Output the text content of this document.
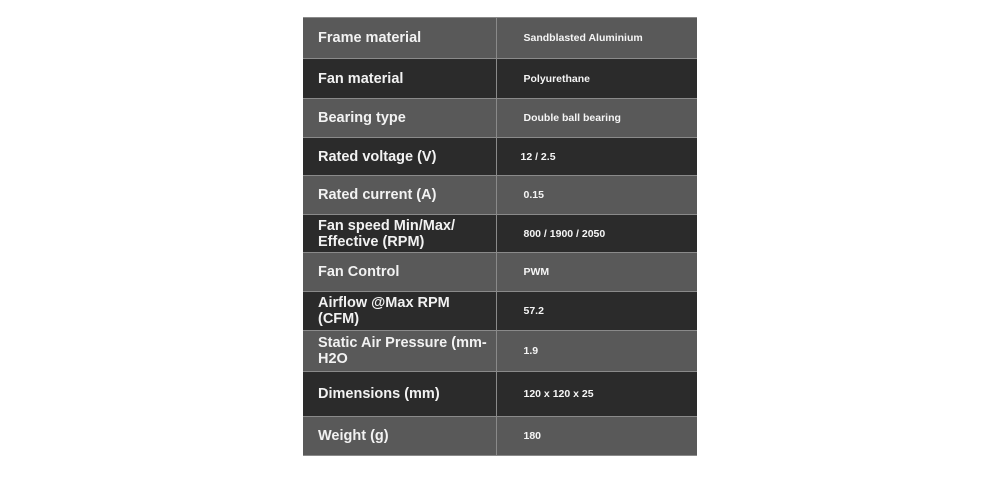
Frame material	Sandblasted Aluminium
Fan material	Polyurethane
Bearing type	Double ball bearing
Rated voltage (V)	12 / 2.5
Rated current (A)	0.15
Fan speed Min/Max/ Effective (RPM)	800 / 1900 / 2050
Fan Control	PWM
Airflow @Max RPM (CFM)	57.2
Static Air Pressure (mm-H2O	1.9
Dimensions (mm)	120 x 120 x 25
Weight (g)	180
